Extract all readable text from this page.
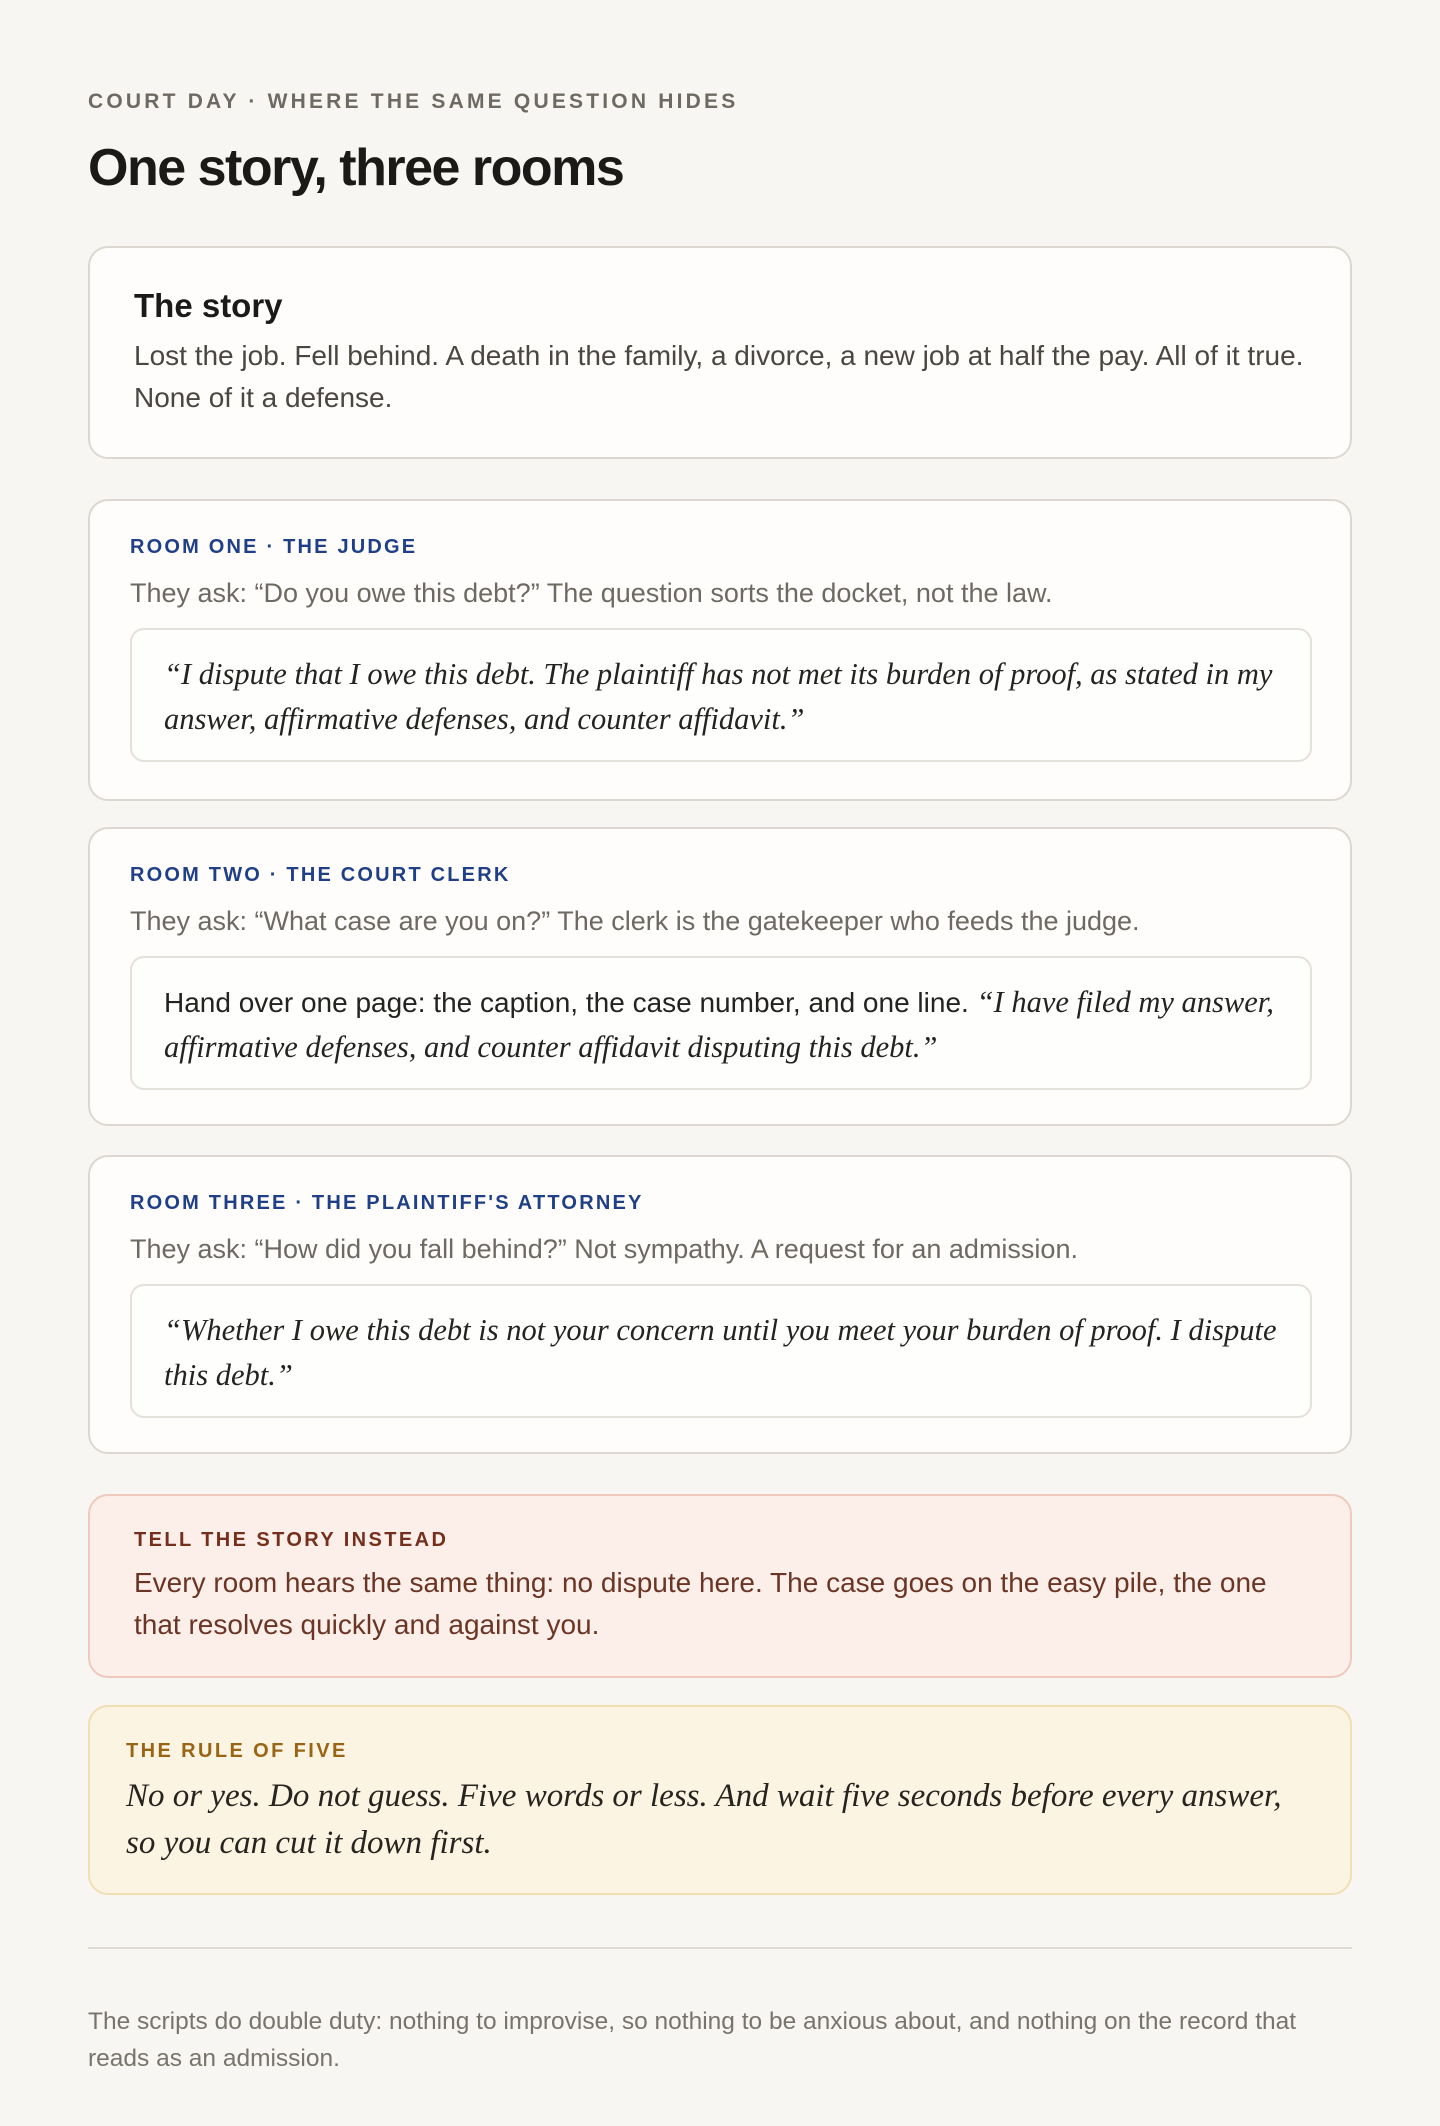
COURT DAY · WHERE THE SAME QUESTION HIDES
One story, three rooms
The story

Lost the job. Fell behind. A death in the family, a divorce, a new job at half the pay. All of it true. None of it a defense.

ROOM ONE · THE JUDGE
They ask: “Do you owe this debt?” The question sorts the docket, not the law.
“I dispute that I owe this debt. The plaintiff has not met its burden of proof, as stated in my answer, affirmative defenses, and counter affidavit.”
ROOM TWO · THE COURT CLERK
They ask: “What case are you on?” The clerk is the gatekeeper who feeds the judge.
Hand over one page: the caption, the case number, and one line. “I have filed my answer, affirmative defenses, and counter affidavit disputing this debt.”
ROOM THREE · THE PLAINTIFF'S ATTORNEY
They ask: “How did you fall behind?” Not sympathy. A request for an admission.
“Whether I owe this debt is not your concern until you meet your burden of proof. I dispute this debt.”
TELL THE STORY INSTEAD
Every room hears the same thing: no dispute here. The case goes on the easy pile, the one that resolves quickly and against you.
THE RULE OF FIVE
No or yes. Do not guess. Five words or less. And wait five seconds before every answer, so you can cut it down first.

The scripts do double duty: nothing to improvise, so nothing to be anxious about, and nothing on the record that reads as an admission.
